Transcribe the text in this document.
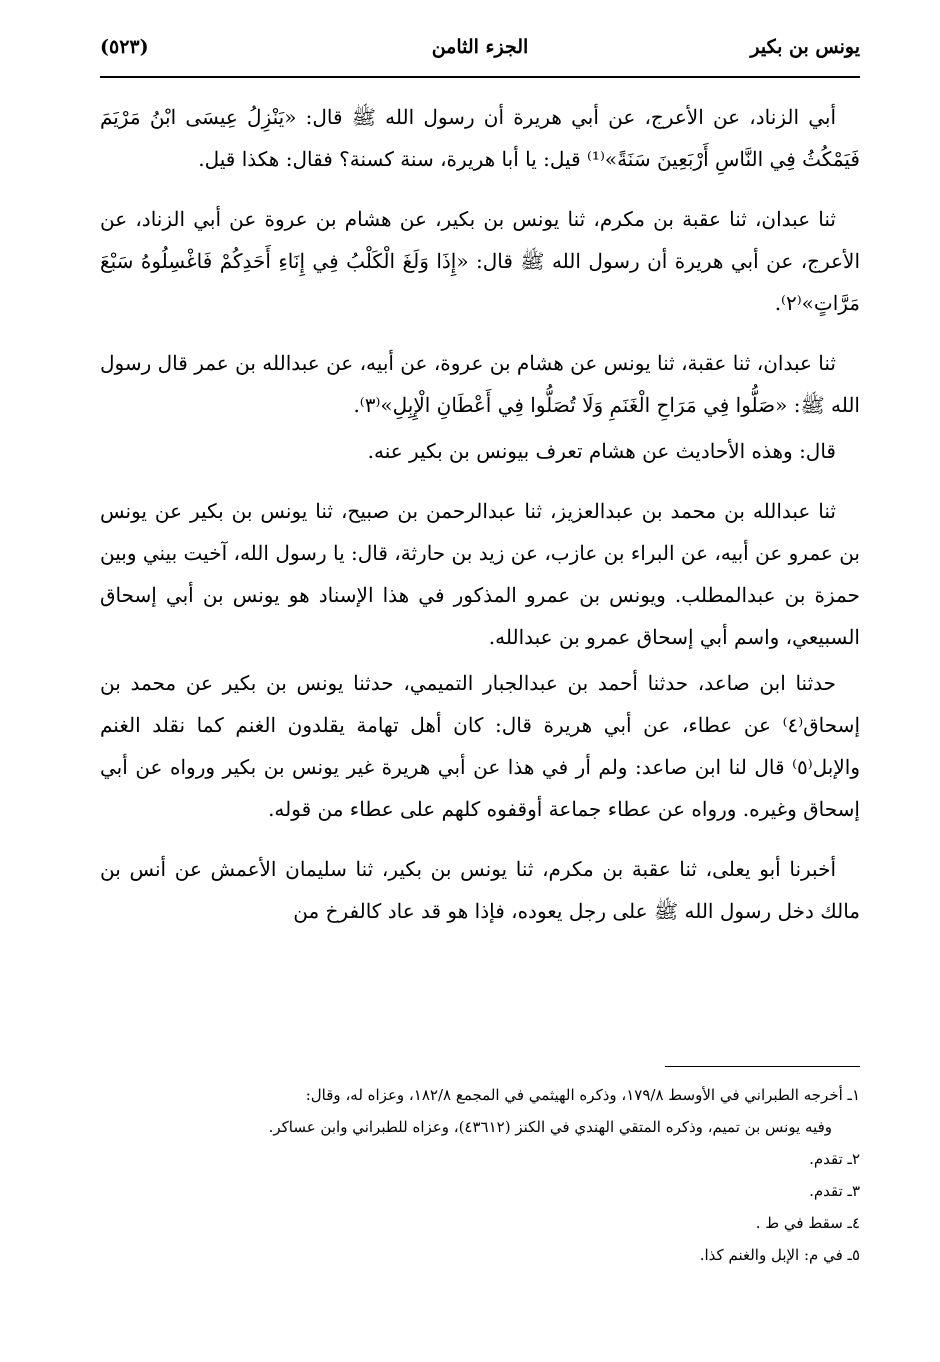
يونس بن بكير
الجزء الثامن
(٥٢٣)

أبي الزناد، عن الأعرج، عن أبي هريرة أن رسول الله ﷺ قال: «يَنْزِلُ عِيسَى ابْنُ مَرْيَمَ فَيَمْكُثُ فِي النَّاسِ أَرْبَعِينَ سَنَةً»⁽¹⁾ قيل: يا أبا هريرة، سنة كسنة؟ فقال: هكذا قيل.

ثنا عبدان، ثنا عقبة بن مكرم، ثنا يونس بن بكير، عن هشام بن عروة عن أبي الزناد، عن الأعرج، عن أبي هريرة أن رسول الله ﷺ قال: «إِذَا وَلَغَ الْكَلْبُ فِي إِنَاءِ أَحَدِكُمْ فَاغْسِلُوهُ سَبْعَ مَرَّاتٍ»⁽٢⁾.

ثنا عبدان، ثنا عقبة، ثنا يونس عن هشام بن عروة، عن أبيه، عن عبدالله بن عمر قال رسول الله ﷺ: «صَلُّوا فِي مَرَاحِ الْغَنَمِ وَلَا تُصَلُّوا فِي أَعْطَانِ الْإِبِلِ»⁽٣⁾.

قال: وهذه الأحاديث عن هشام تعرف بيونس بن بكير عنه.

ثنا عبدالله بن محمد بن عبدالعزيز، ثنا عبدالرحمن بن صبيح، ثنا يونس بن بكير عن يونس بن عمرو عن أبيه، عن البراء بن عازب، عن زيد بن حارثة، قال: يا رسول الله، آخيت بيني وبين حمزة بن عبدالمطلب. ويونس بن عمرو المذكور في هذا الإسناد هو يونس بن أبي إسحاق السبيعي، واسم أبي إسحاق عمرو بن عبدالله.

حدثنا ابن صاعد، حدثنا أحمد بن عبدالجبار التميمي، حدثنا يونس بن بكير عن محمد بن إسحاق⁽٤⁾ عن عطاء، عن أبي هريرة قال: كان أهل تهامة يقلدون الغنم كما نقلد الغنم والإبل⁽٥⁾ قال لنا ابن صاعد: ولم أر في هذا عن أبي هريرة غير يونس بن بكير ورواه عن أبي إسحاق وغيره. ورواه عن عطاء جماعة أوقفوه كلهم على عطاء من قوله.

أخبرنا أبو يعلى، ثنا عقبة بن مكرم، ثنا يونس بن بكير، ثنا سليمان الأعمش عن أنس بن مالك دخل رسول الله ﷺ على رجل يعوده، فإذا هو قد عاد كالفرخ من

١ـ أخرجه الطبراني في الأوسط ١٧٩/٨، وذكره الهيثمي في المجمع ١٨٢/٨، وعزاه له، وقال:

وفيه يونس بن تميم، وذكره المتقي الهندي في الكنز (٤٣٦١٢)، وعزاه للطبراني وابن عساكر.

٢ـ تقدم.

٣ـ تقدم.

٤ـ سقط في ط .

٥ـ في م: الإبل والغنم كذا.
